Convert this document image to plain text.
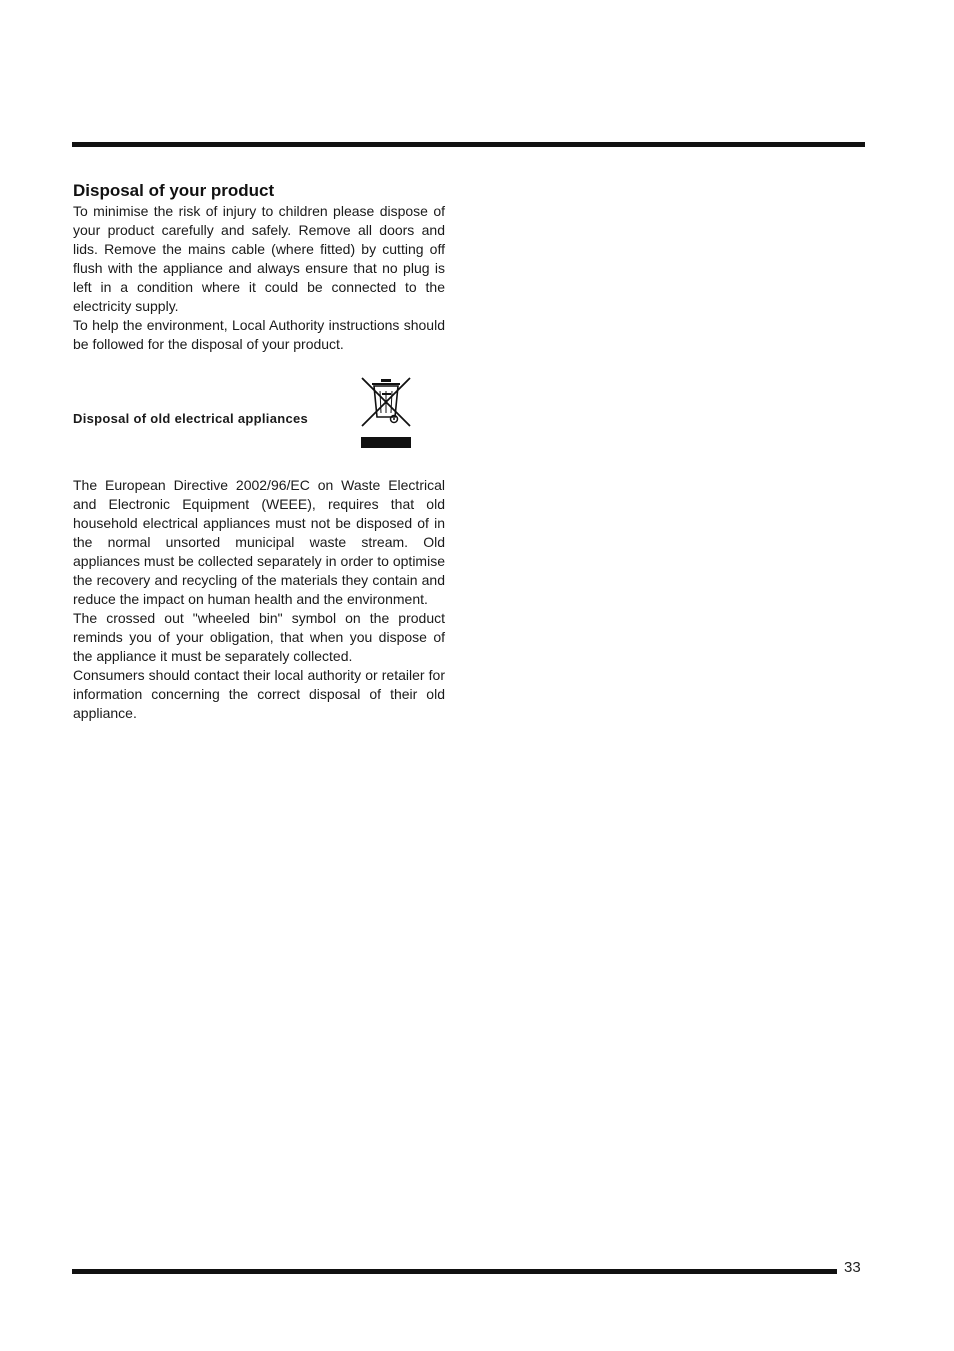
Disposal of your product

To minimise the risk of injury to children please dispose of your product carefully and safely. Remove all doors and lids. Remove the mains cable (where fitted) by cutting off flush with the appliance and always ensure that no plug is left in a condition where it could be connected to the electricity supply.

To help the environment, Local Authority instructions should be followed for the disposal of your product.

Disposal of old electrical appliances

The European Directive 2002/96/EC on Waste Electrical and Electronic Equipment (WEEE), requires that old household electrical appliances must not be disposed of in the normal unsorted municipal waste stream. Old appliances must be collected separately in order to optimise the recovery and recycling of the materials they contain and reduce the impact on human health and the environment.

The crossed out "wheeled bin" symbol on the product reminds you of your obligation, that when you dispose of the appliance it must be separately collected.

Consumers should contact their local authority or retailer for information concerning the correct disposal of their old appliance.

33
